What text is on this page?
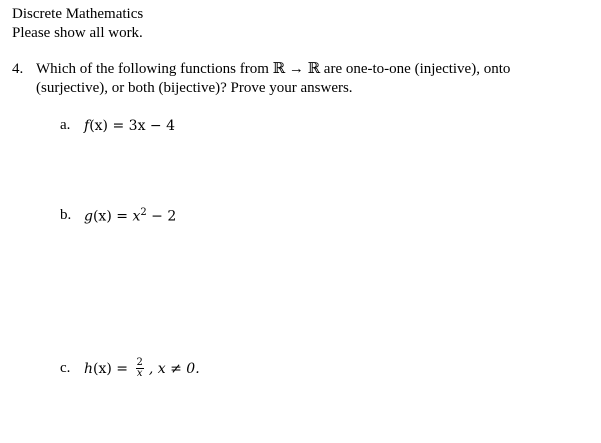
Discrete Mathematics
Please show all work.
4. Which of the following functions from ℝ → ℝ are one-to-one (injective), onto
(surjective), or both (bijective)? Prove your answers.
a. f(x) = 3x − 4
b. $g(x) = x^2 - 2$
c. h $(x) = \frac{2}{x}$ , x ≠ 0.
